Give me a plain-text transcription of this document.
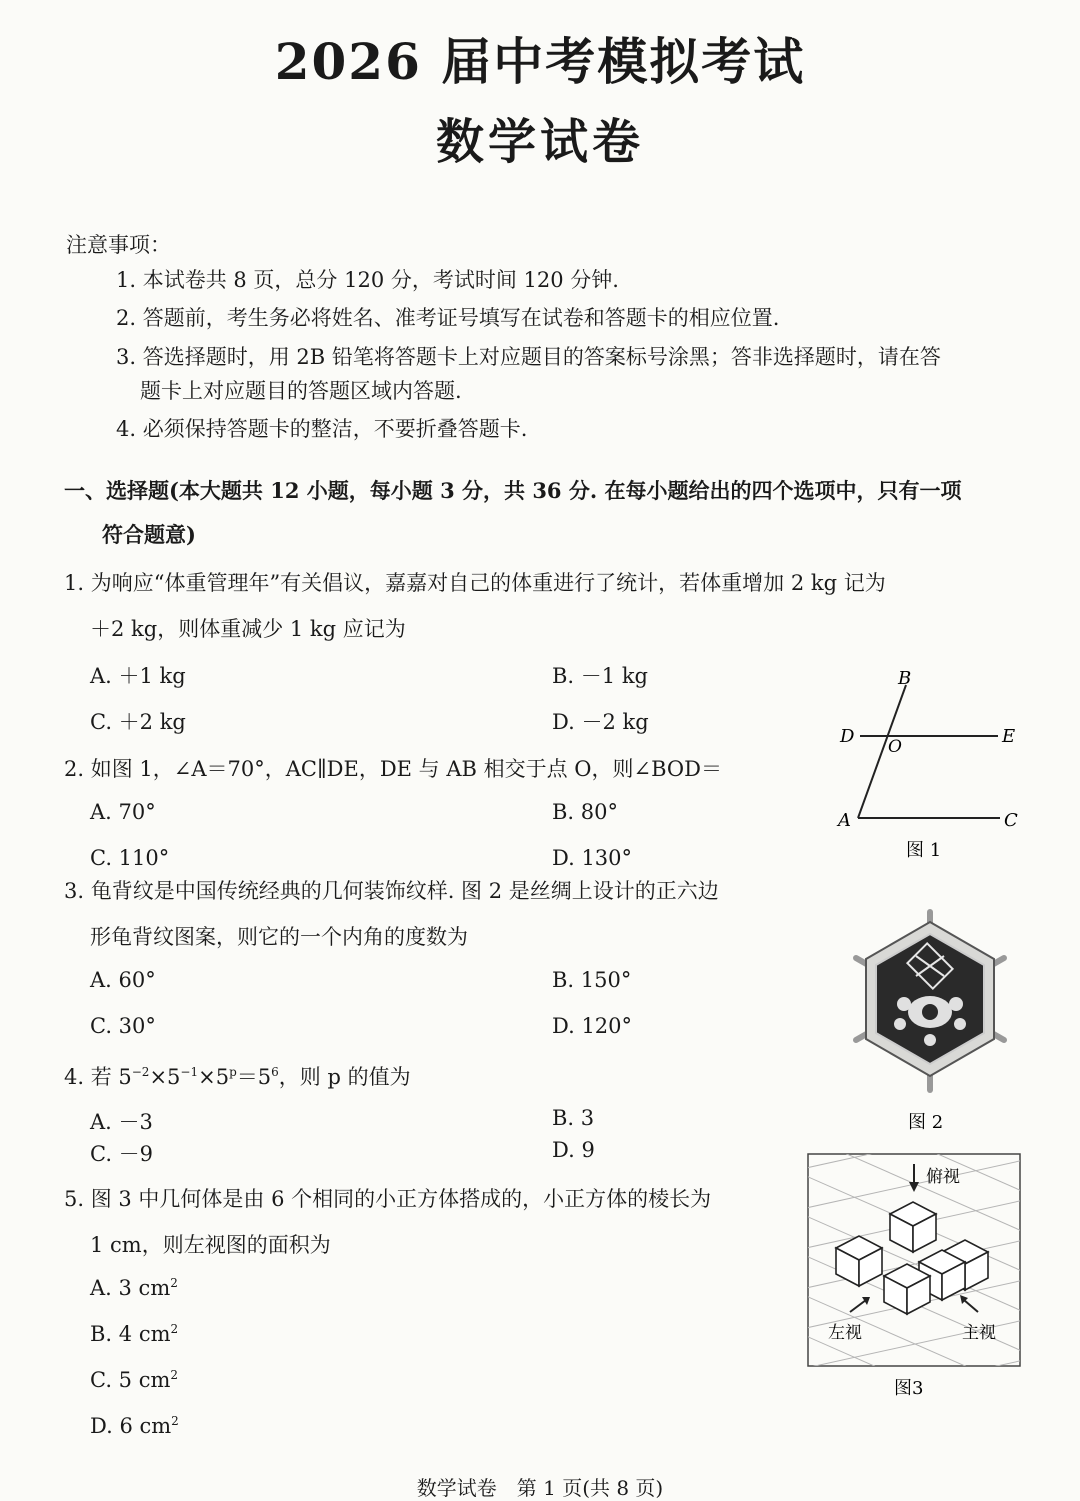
2026 届中考模拟考试
数学试卷
注意事项：
1. 本试卷共 8 页，总分 120 分，考试时间 120 分钟.
2. 答题前，考生务必将姓名、准考证号填写在试卷和答题卡的相应位置.
3. 答选择题时，用 2B 铅笔将答题卡上对应题目的答案标号涂黑；答非选择题时，请在答
题卡上对应题目的答题区域内答题.
4. 必须保持答题卡的整洁，不要折叠答题卡.
一、选择题(本大题共 12 小题，每小题 3 分，共 36 分. 在每小题给出的四个选项中，只有一项
符合题意)
1. 为响应“体重管理年”有关倡议，嘉嘉对自己的体重进行了统计，若体重增加 2 kg 记为
＋2 kg，则体重减少 1 kg 应记为
A. ＋1 kg	B. －1 kg
C. ＋2 kg	D. －2 kg
2. 如图 1，∠A＝70°，AC∥DE，DE 与 AB 相交于点 O，则∠BOD＝
A. 70°	B. 80°
C. 110°	D. 130°
3. 龟背纹是中国传统经典的几何装饰纹样. 图 2 是丝绸上设计的正六边
形龟背纹图案，则它的一个内角的度数为
A. 60°	B. 150°
C. 30°	D. 120°
4. 若 $5^{-2}\times 5^{-1}\times 5^p=5^6$，则 p 的值为
A. －3	B. 3
C. －9	D. 9
5. 图 3 中几何体是由 6 个相同的小正方体搭成的，小正方体的棱长为
1 cm，则左视图的面积为
A. 3 $cm^2$
B. 4 $cm^2$
C. 5 $cm^2$
D. 6 $cm^2$
B
D O	E
A	C
图 1
图 2
俯视
左视	主视
图3
数学试卷　第 1 页(共 8 页)
